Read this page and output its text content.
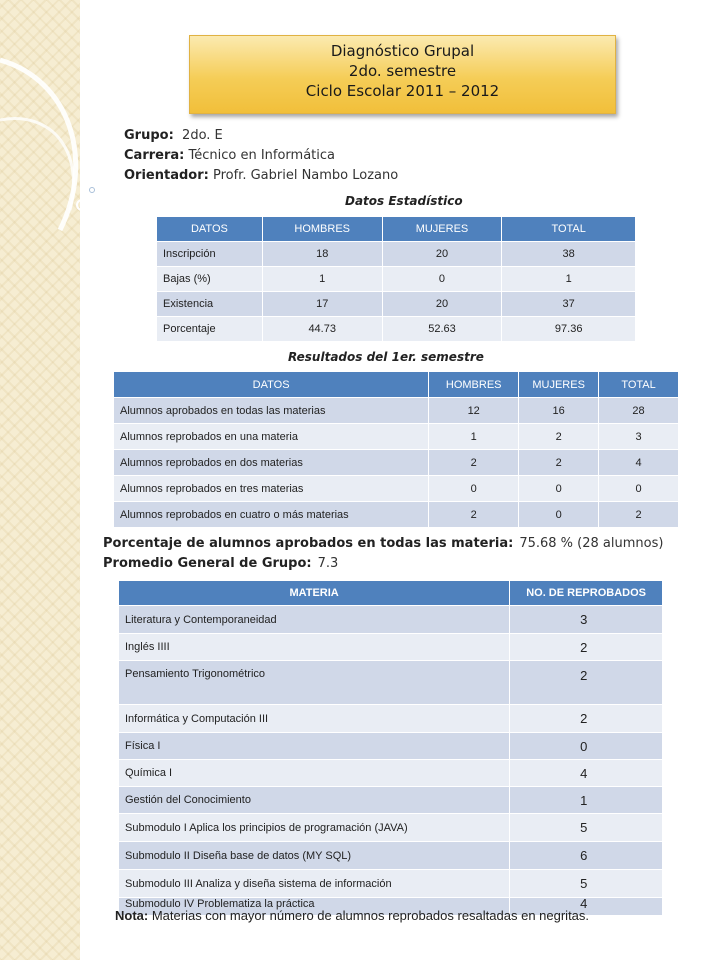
Diagnóstico Grupal
2do. semestre
Ciclo Escolar 2011 – 2012
Grupo: 2do. E
Carrera: Técnico en Informática
Orientador: Profr. Gabriel Nambo Lozano
Datos Estadístico
DATOS	HOMBRES	MUJERES	TOTAL
Inscripción	18	20	38
Bajas (%)	1	0	1
Existencia	17	20	37
Porcentaje	44.73	52.63	97.36
Resultados del 1er. semestre
DATOS	HOMBRES	MUJERES	TOTAL
Alumnos aprobados en todas las materias	12	16	28
Alumnos reprobados en una materia	1	2	3
Alumnos reprobados en dos materias	2	2	4
Alumnos reprobados en tres materias	0	0	0
Alumnos reprobados en cuatro o más materias	2	0	2
Porcentaje de alumnos aprobados en todas las materia: 75.68 % (28 alumnos)
Promedio General de Grupo: 7.3
MATERIA	NO. DE REPROBADOS
Literatura y Contemporaneidad	3
Inglés IIII	2
Pensamiento Trigonométrico	2
Informática y Computación III	2
Física I	0
Química I	4
Gestión del Conocimiento	1
Submodulo I Aplica los principios de programación (JAVA)	5
Submodulo II Diseña base de datos (MY SQL)	6
Submodulo III Analiza y diseña sistema de información	5
Submodulo IV Problematiza la práctica	4
Nota: Materias con mayor número de alumnos reprobados resaltadas en negritas.
